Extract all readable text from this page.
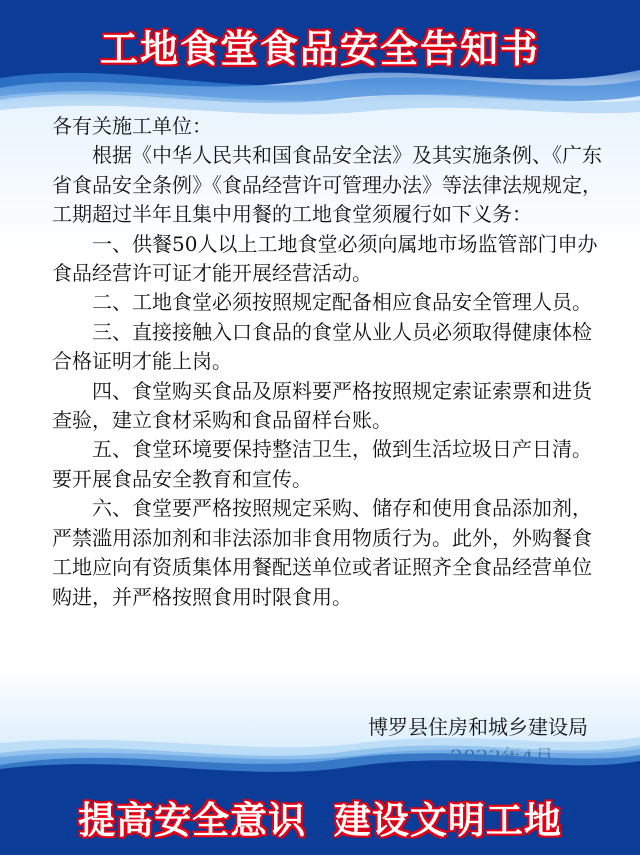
工地食堂食品安全告知书

各有关施工单位：

根据《中华人民共和国食品安全法》及其实施条例、《广东省食品安全条例》《食品经营许可管理办法》等法律法规规定，工期超过半年且集中用餐的工地食堂须履行如下义务：

一、供餐50人以上工地食堂必须向属地市场监管部门申办食品经营许可证才能开展经营活动。

二、工地食堂必须按照规定配备相应食品安全管理人员。

三、直接接触入口食品的食堂从业人员必须取得健康体检合格证明才能上岗。

四、食堂购买食品及原料要严格按照规定索证索票和进货查验，建立食材采购和食品留样台账。

五、食堂环境要保持整洁卫生，做到生活垃圾日产日清。要开展食品安全教育和宣传。

六、食堂要严格按照规定采购、储存和使用食品添加剂，严禁滥用添加剂和非法添加非食用物质行为。此外，外购餐食工地应向有资质集体用餐配送单位或者证照齐全食品经营单位购进，并严格按照食用时限食用。

博罗县住房和城乡建设局
提高安全意识  建设文明工地
